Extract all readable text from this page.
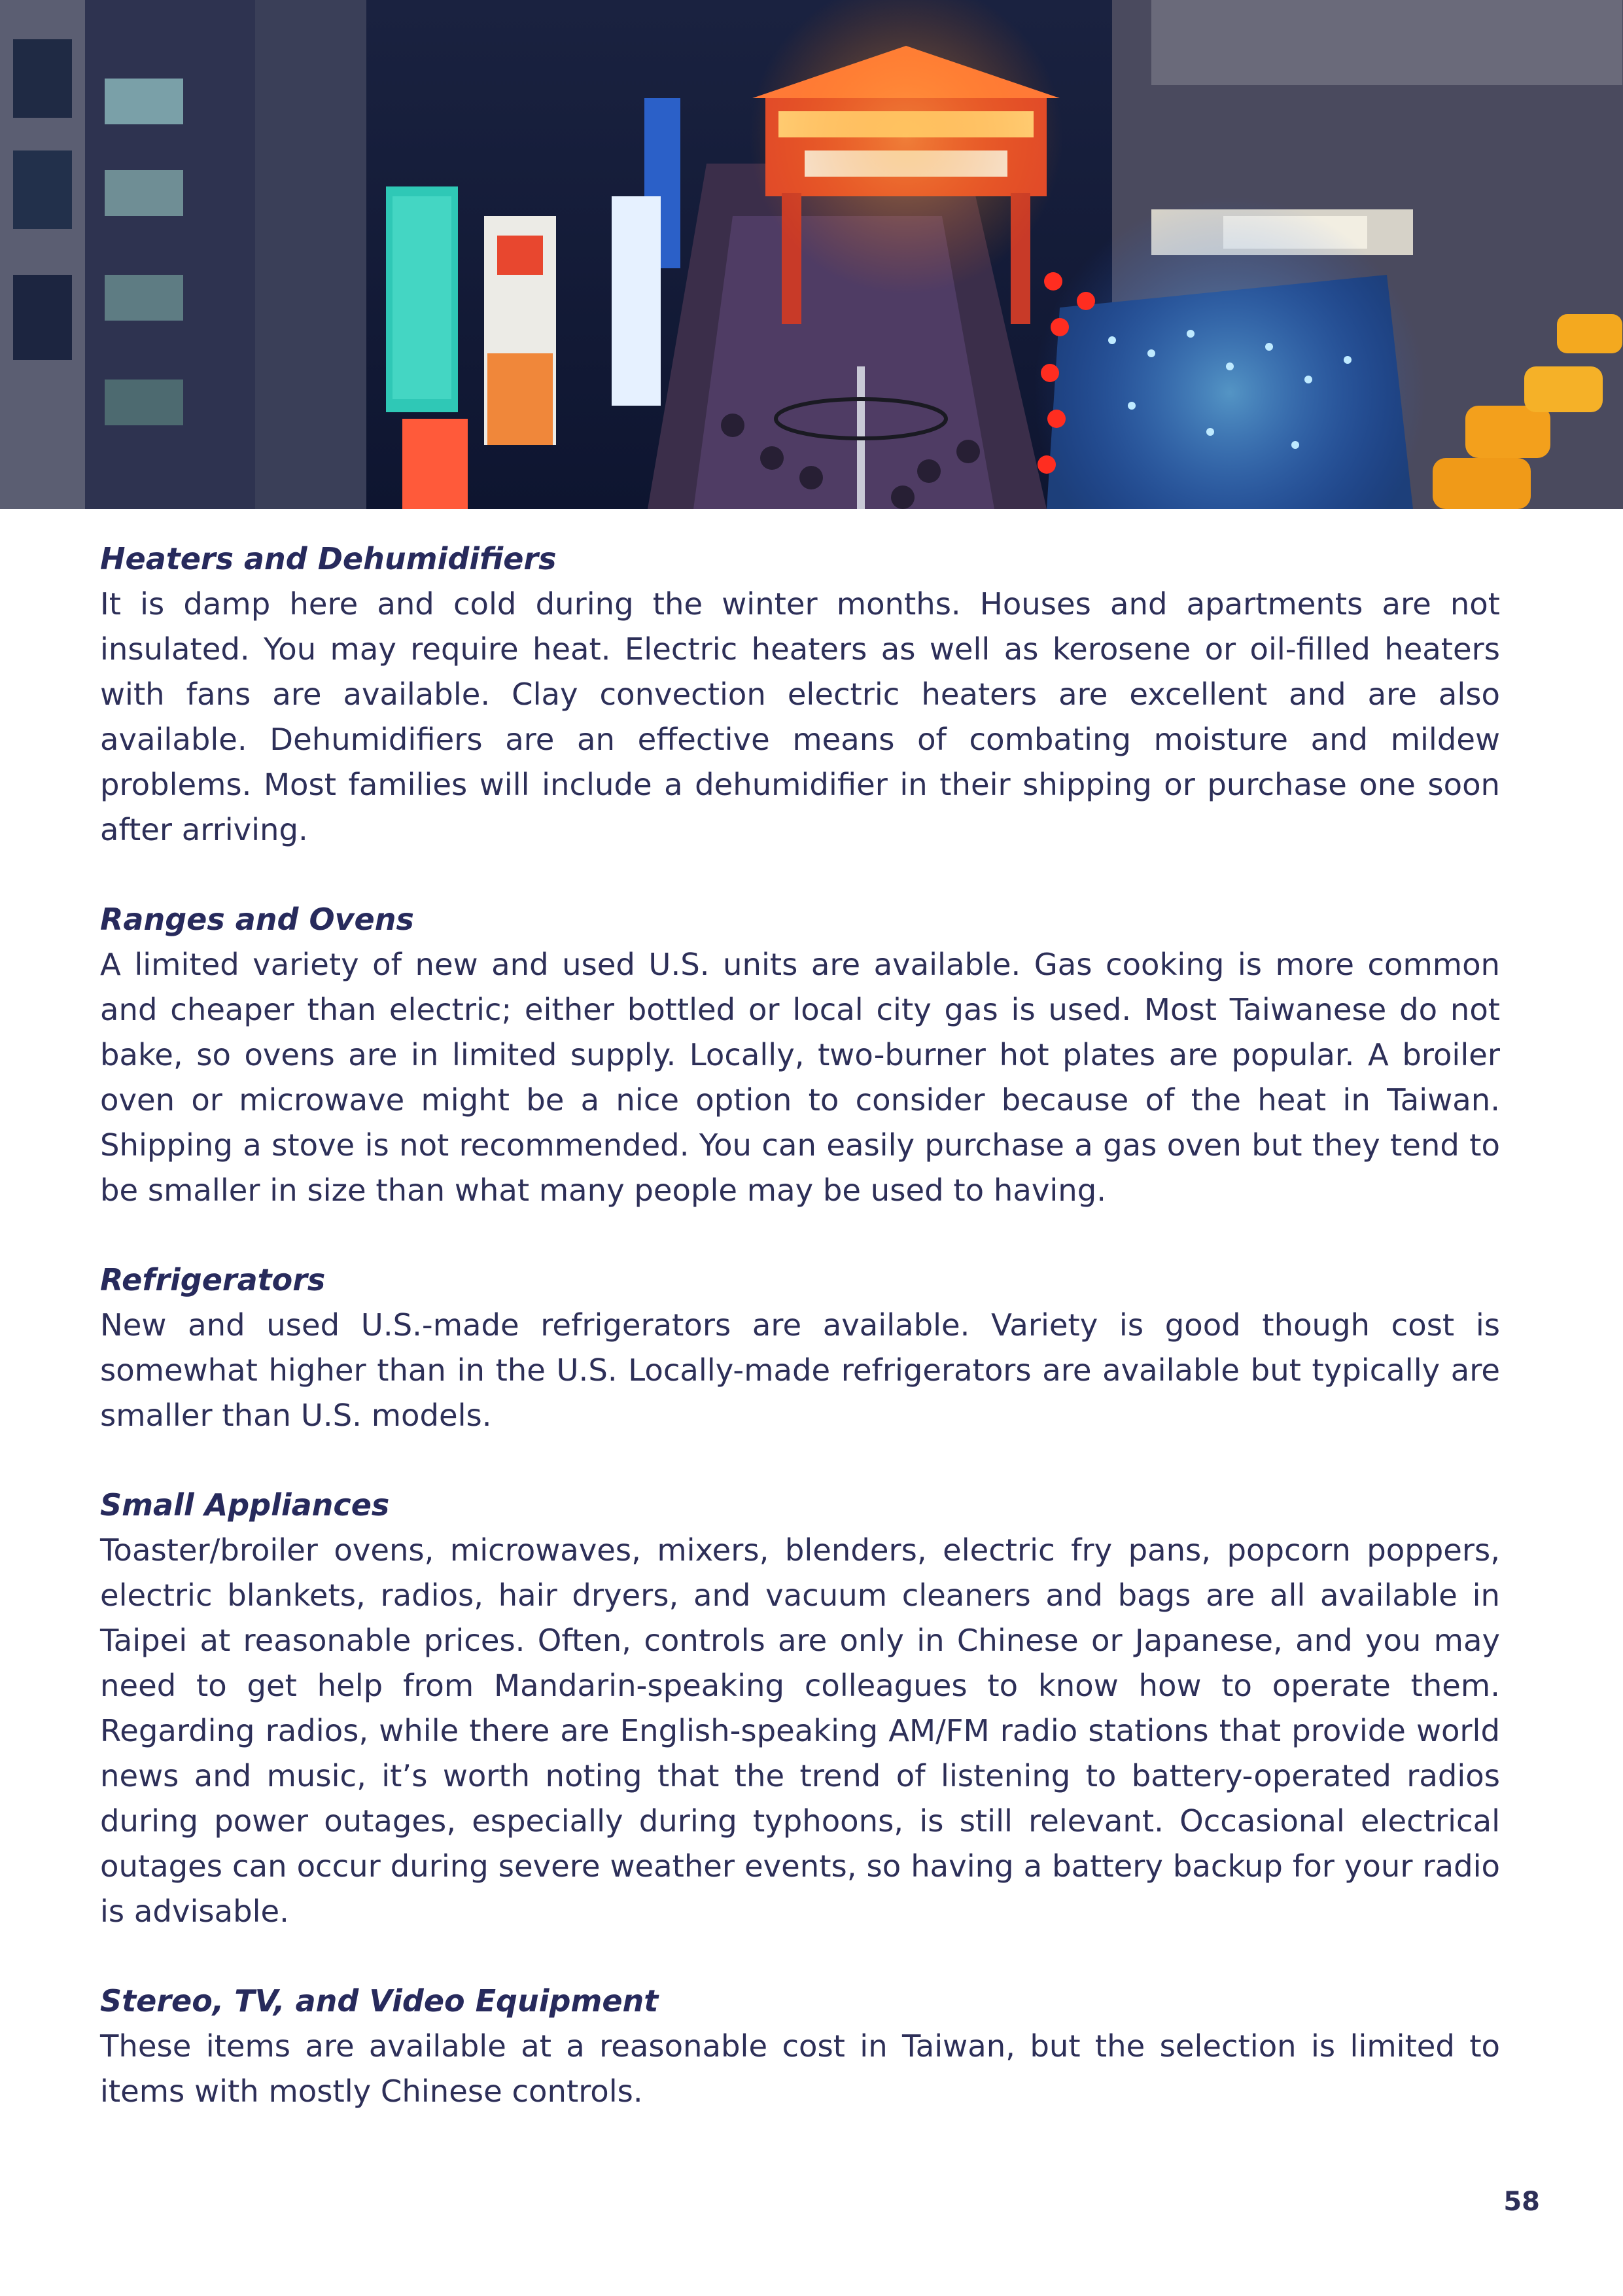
Heaters and Dehumidifiers

It is damp here and cold during the winter months. Houses and apartments are not insulated. You may require heat. Electric heaters as well as kerosene or oil-filled heaters with fans are available. Clay convection electric heaters are excellent and are also available. Dehumidifiers are an effective means of combating moisture and mildew problems. Most families will include a dehumidifier in their shipping or purchase one soon after arriving.

Ranges and Ovens

A limited variety of new and used U.S. units are available. Gas cooking is more common and cheaper than electric; either bottled or local city gas is used. Most Taiwanese do not bake, so ovens are in limited supply. Locally, two-burner hot plates are popular. A broiler oven or microwave might be a nice option to consider because of the heat in Taiwan. Shipping a stove is not recommended. You can easily purchase a gas oven but they tend to be smaller in size than what many people may be used to having.

Refrigerators

New and used U.S.-made refrigerators are available. Variety is good though cost is somewhat higher than in the U.S. Locally-made refrigerators are available but typically are smaller than U.S. models.

Small Appliances

Toaster/broiler ovens, microwaves, mixers, blenders, electric fry pans, popcorn poppers, electric blankets, radios, hair dryers, and vacuum cleaners and bags are all available in Taipei at reasonable prices. Often, controls are only in Chinese or Japanese, and you may need to get help from Mandarin-speaking colleagues to know how to operate them. Regarding radios, while there are English-speaking AM/FM radio stations that provide world news and music, it’s worth noting that the trend of listening to battery-operated radios during power outages, especially during typhoons, is still relevant. Occasional electrical outages can occur during severe weather events, so having a battery backup for your radio is advisable.

Stereo, TV, and Video Equipment

These items are available at a reasonable cost in Taiwan, but the selection is limited to items with mostly Chinese controls.

58
